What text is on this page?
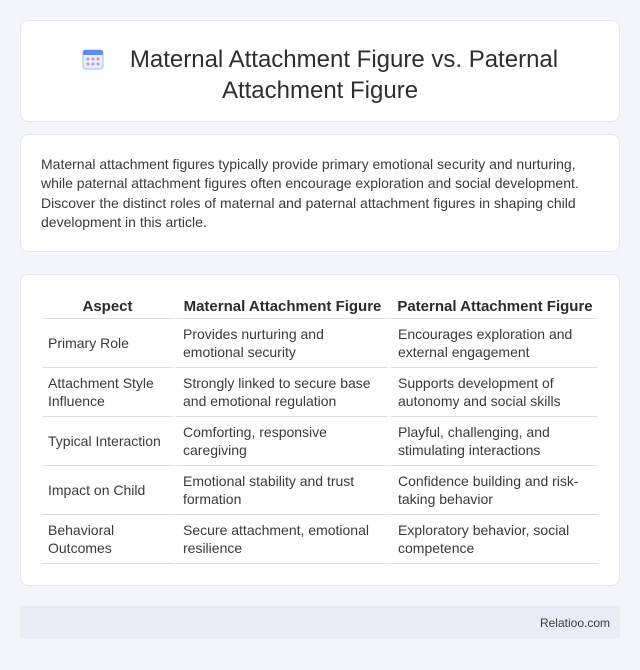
Maternal Attachment Figure vs. Paternal
Attachment Figure

Maternal attachment figures typically provide primary emotional security and nurturing, while paternal attachment figures often encourage exploration and social development. Discover the distinct roles of maternal and paternal attachment figures in shaping child development in this article.

Aspect	Maternal Attachment Figure	Paternal Attachment Figure
Primary Role	Provides nurturing and emotional security	Encourages exploration and external engagement
Attachment Style Influence	Strongly linked to secure base and emotional regulation	Supports development of autonomy and social skills
Typical Interaction	Comforting, responsive caregiving	Playful, challenging, and stimulating interactions
Impact on Child	Emotional stability and trust formation	Confidence building and risk-taking behavior
Behavioral Outcomes	Secure attachment, emotional resilience	Exploratory behavior, social competence
Relatioo.com
